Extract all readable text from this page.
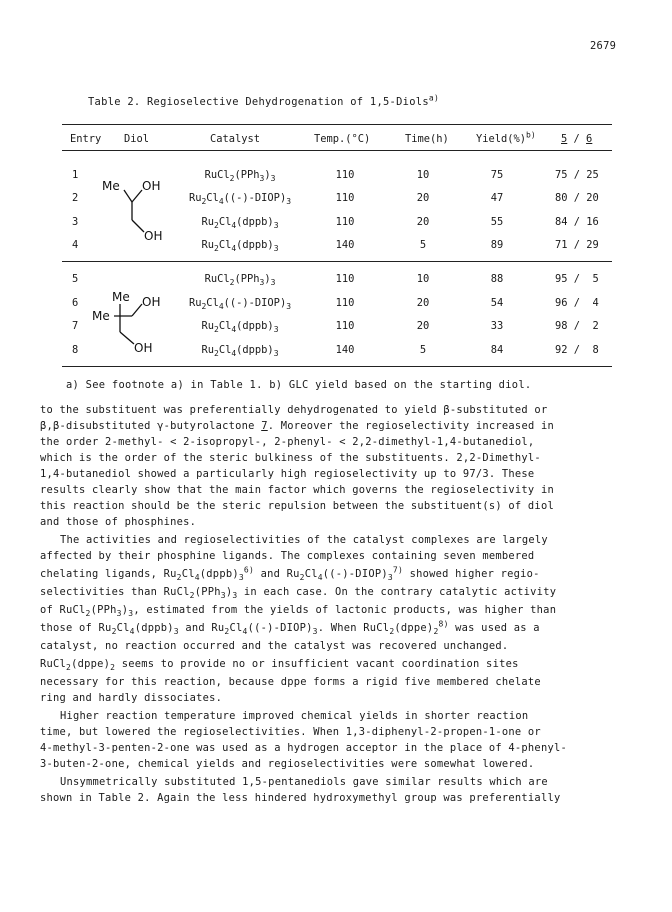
2679
Table 2. Regioselective Dehydrogenation of 1,5-Diols$^{a)}$
Entry Diol	Catalyst	Temp.(°C)	Time(h)	Yield(%)$^{b)}$ 5 / 6
Me OH
OH
Me
Me
OH
OH
1	$RuCl_2(PPh_3)_3$	110	10	75	75 / 25
2	$Ru_2Cl_4((-)-DIOP)_3$	110	20	47	80 / 20
3	$Ru_2Cl_4(dppb)_3$	110	20	55	84 / 16
4	$Ru_2Cl_4(dppb)_3$	140	5	89	71 / 29
5	$RuCl_2(PPh_3)_3$	110	10	88	95 /  5
6	$Ru_2Cl_4((-)-DIOP)_3$	110	20	54	96 /  4
7	$Ru_2Cl_4(dppb)_3$	110	20	33	98 /  2
8	$Ru_2Cl_4(dppb)_3$	140	5	84	92 /  8
a) See footnote a) in Table 1. b) GLC yield based on the starting diol.
to the substituent was preferentially dehydrogenated to yield β-substituted or
β,β-disubstituted γ-butyrolactone 7. Moreover the regioselectivity increased in
the order 2-methyl- < 2-isopropyl-, 2-phenyl- < 2,2-dimethyl-1,4-butanediol,
which is the order of the steric bulkiness of the substituents. 2,2-Dimethyl-
1,4-butanediol showed a particularly high regioselectivity up to 97/3. These
results clearly show that the main factor which governs the regioselectivity in
this reaction should be the steric repulsion between the substituent(s) of diol
and those of phosphines.
The activities and regioselectivities of the catalyst complexes are largely
affected by their phosphine ligands. The complexes containing seven membered
chelating ligands, $Ru_2Cl_4(dppb)_3^{6)}$ and $Ru_2Cl_4((-)-DIOP)_3^{7)}$ showed higher regio-
selectivities than $RuCl_2(PPh_3)_3$ in each case. On the contrary catalytic activity
of $RuCl_2(PPh_3)_3$, estimated from the yields of lactonic products, was higher than
those of $Ru_2Cl_4(dppb)_3$ and $Ru_2Cl_4((-)-DIOP)_3$. When $RuCl_2(dppe)_2^{8)}$ was used as a
catalyst, no reaction occurred and the catalyst was recovered unchanged.
$RuCl_2(dppe)_2$ seems to provide no or insufficient vacant coordination sites
necessary for this reaction, because dppe forms a rigid five membered chelate
ring and hardly dissociates.
Higher reaction temperature improved chemical yields in shorter reaction
time, but lowered the regioselectivities. When 1,3-diphenyl-2-propen-1-one or
4-methyl-3-penten-2-one was used as a hydrogen acceptor in the place of 4-phenyl-
3-buten-2-one, chemical yields and regioselectivities were somewhat lowered.
Unsymmetrically substituted 1,5-pentanediols gave similar results which are
shown in Table 2. Again the less hindered hydroxymethyl group was preferentially
